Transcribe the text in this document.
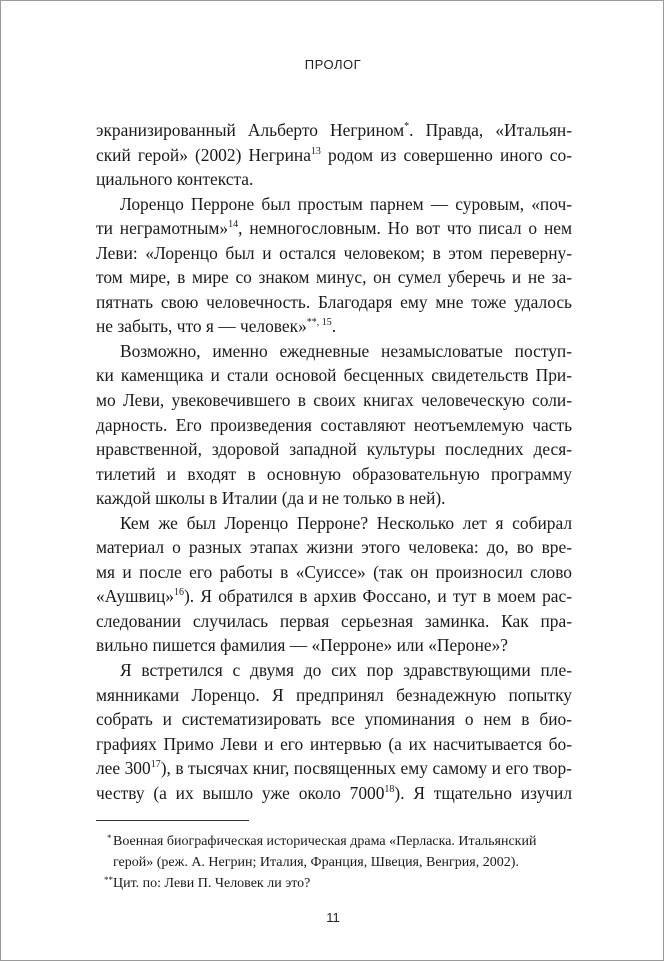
ПРОЛОГ
экранизированный Альберто Негрином*. Правда, «Итальян-
ский герой» (2002) Негрина$^{13}$ родом из совершенно иного со-
циального контекста.
Лоренцо Перроне был простым парнем — суровым, «поч-
ти неграмотным»$^{14}$, немногословным. Но вот что писал о нем
Леви: «Лоренцо был и остался человеком; в этом переверну-
том мире, в мире со знаком минус, он сумел уберечь и не за-
пятнать свою человечность. Благодаря ему мне тоже удалось
не забыть, что я — человек»$^{**, 15}$.
Возможно, именно ежедневные незамысловатые поступ-
ки каменщика и стали основой бесценных свидетельств При-
мо Леви, увековечившего в своих книгах человеческую соли-
дарность. Его произведения составляют неотъемлемую часть
нравственной, здоровой западной культуры последних деся-
тилетий и входят в основную образовательную программу
каждой школы в Италии (да и не только в ней).
Кем же был Лоренцо Перроне? Несколько лет я собирал
материал о разных этапах жизни этого человека: до, во вре-
мя и после его работы в «Суиссе» (так он произносил слово
«Аушвиц»$^{16}$). Я обратился в архив Фоссано, и тут в моем рас-
следовании случилась первая серьезная заминка. Как пра-
вильно пишется фамилия — «Перроне» или «Пероне»?
Я встретился с двумя до сих пор здравствующими пле-
мянниками Лоренцо. Я предпринял безнадежную попытку
собрать и систематизировать все упоминания о нем в био-
графиях Примо Леви и его интервью (а их насчитывается бо-
лее $300^{17}$), в тысячах книг, посвященных ему самому и его твор-
честву (а их вышло уже около 7000$^{18}$). Я тщательно изучил
* Военная биографическая историческая драма «Перласка. Итальянский герой» (реж. А. Негрин; Италия, Франция, Швеция, Венгрия, 2002).
** Цит. по: Леви П. Человек ли это?
11
